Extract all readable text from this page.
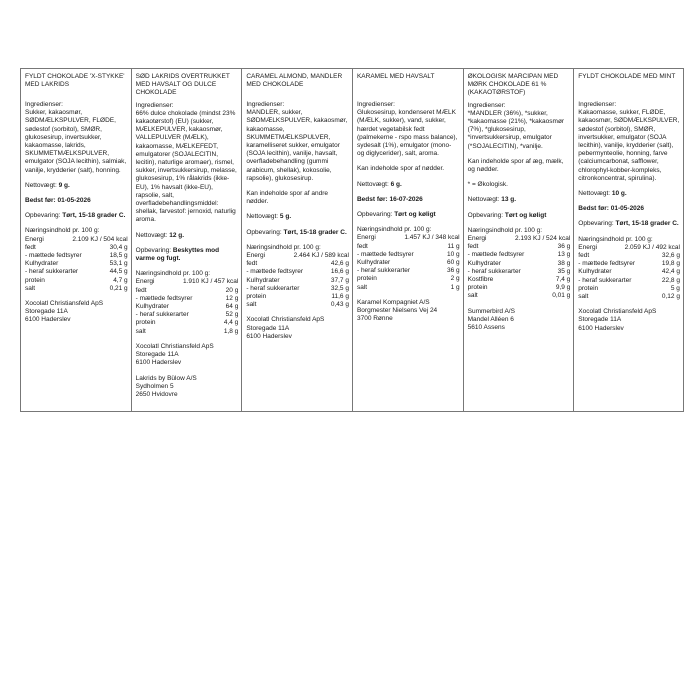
FYLDT CHOKOLADE 'X-STYKKE' MED LAKRIDS

Ingredienser:

Sukker, kakaosmør, SØDMÆLKSPULVER, FLØDE, sødestof (sorbitol), SMØR, glukosesirup, invertsukker, kakaomasse, lakrids, SKUMMETMÆLKSPULVER, emulgator (SOJA lecithin), salmiak, vanilje, krydderier (salt), honning.

Nettovægt: 9 g.

Bedst før: 01-05-2026

Opbevaring: Tørt, 15-18 grader C.

Næringsindhold pr. 100 g:

Energi	2.109 KJ / 504 kcal
fedt	30,4 g
- mættede fedtsyrer	18,5 g
Kulhydrater	53,1 g
- heraf sukkerarter	44,5 g
protein	4,7 g
salt	0,21 g

Xocolatl Christiansfeld ApS

Storegade 11A

6100 Haderslev

SØD LAKRIDS OVERTRUKKET MED HAVSALT OG DULCE CHOKOLADE

Ingredienser:

66% dulce chokolade (mindst 23% kakaotørstof) (EU) (sukker, MÆLKEPULVER, kakaosmør, VALLEPULVER (MÆLK), kakaomasse, MÆLKEFEDT, emulgatorer (SOJALECITIN, lecitin), naturlige aromaer), rismel, sukker, invertsukkersirup, melasse, glukosesirup, 1% rålakrids (ikke-EU), 1% havsalt (ikke-EU), rapsolie, salt, overfladebehandlingsmiddel: shellak, farvestof: jernoxid, naturlig aroma.

Nettovægt: 12 g.

Opbevaring: Beskyttes mod varme og fugt.

Næringsindhold pr. 100 g:

Energi	1.910 KJ / 457 kcal
fedt	20 g
- mættede fedtsyrer	12 g
Kulhydrater	64 g
- heraf sukkerarter	52 g
protein	4,4 g
salt	1,8 g

Xocolatl Christiansfeld ApS

Storegade 11A

6100 Haderslev

Lakrids by Bülow A/S

Sydholmen 5

2650 Hvidovre

CARAMEL ALMOND, MANDLER MED CHOKOLADE

Ingredienser:

MANDLER, sukker, SØDMÆLKSPULVER, kakaosmør, kakaomasse, SKUMMETMÆLKSPULVER, karamelliseret sukker, emulgator (SOJA lecithin), vanilje, havsalt, overfladebehandling (gummi arabicum, shellak), kokosolie, rapsolie), glukosesirup.

Kan indeholde spor af andre nødder.

Nettovægt: 5 g.

Opbevaring: Tørt, 15-18 grader C.

Næringsindhold pr. 100 g:

Energi	2.464 KJ / 589 kcal
fedt	42,6 g
- mættede fedtsyrer	16,6 g
Kulhydrater	37,7 g
- heraf sukkerarter	32,5 g
protein	11,6 g
salt	0,43 g

Xocolatl Christiansfeld ApS

Storegade 11A

6100 Haderslev

KARAMEL MED HAVSALT

Ingredienser:

Glukosesirup, kondenseret MÆLK (MÆLK, sukker), vand, sukker, hærdet vegetabilsk fedt (palmekerne - rspo mass balance), sydesalt (1%), emulgator (mono- og diglycerider), salt, aroma.

Kan indeholde spor af nødder.

Nettovægt: 6 g.

Bedst før: 16-07-2026

Opbevaring: Tørt og køligt

Næringsindhold pr. 100 g:

Energi	1.457 KJ / 348 kcal
fedt	11 g
- mættede fedtsyrer	10 g
Kulhydrater	60 g
- heraf sukkerarter	36 g
protein	2 g
salt	1 g

Karamel Kompagniet A/S

Borgmester Nielsens Vej 24

3700 Rønne

ØKOLOGISK MARCIPAN MED MØRK CHOKOLADE 61 % (KAKAOTØRSTOF)

Ingredienser:

*MANDLER (36%), *sukker, *kakaomasse (21%), *kakaosmør (7%), *glukosesirup, *invertsukkersirup, emulgator (*SOJALECITIN), *vanilje.

Kan indeholde spor af æg, mælk, og nødder.

* = Økologisk.

Nettovægt: 13 g.

Opbevaring: Tørt og køligt

Næringsindhold pr. 100 g:

Energi	2.193 KJ / 524 kcal
fedt	36 g
- mættede fedtsyrer	13 g
Kulhydrater	38 g
- heraf sukkerarter	35 g
Kostfibre	7,4 g
protein	9,9 g
salt	0,01 g

Summerbird A/S

Mandel Alléen 6

5610 Assens

FYLDT CHOKOLADE MED MINT

Ingredienser:

Kakaomasse, sukker, FLØDE, kakaosmør, SØDMÆLKSPULVER, sødestof (sorbitol), SMØR, invertsukker, emulgator (SOJA lecithin), vanilje, krydderier (salt), pebermynteolie, honning, farve (calciumcarbonat, safflower, chlorophyl-kobber-kompleks, citronkoncentrat, spirulina).

Nettovægt: 10 g.

Bedst før: 01-05-2026

Opbevaring: Tørt, 15-18 grader C.

Næringsindhold pr. 100 g:

Energi	2.059 KJ / 492 kcal
fedt	32,6 g
- mættede fedtsyrer	19,8 g
Kulhydrater	42,4 g
- heraf sukkerarter	22,8 g
protein	5 g
salt	0,12 g

Xocolatl Christiansfeld ApS

Storegade 11A

6100 Haderslev
